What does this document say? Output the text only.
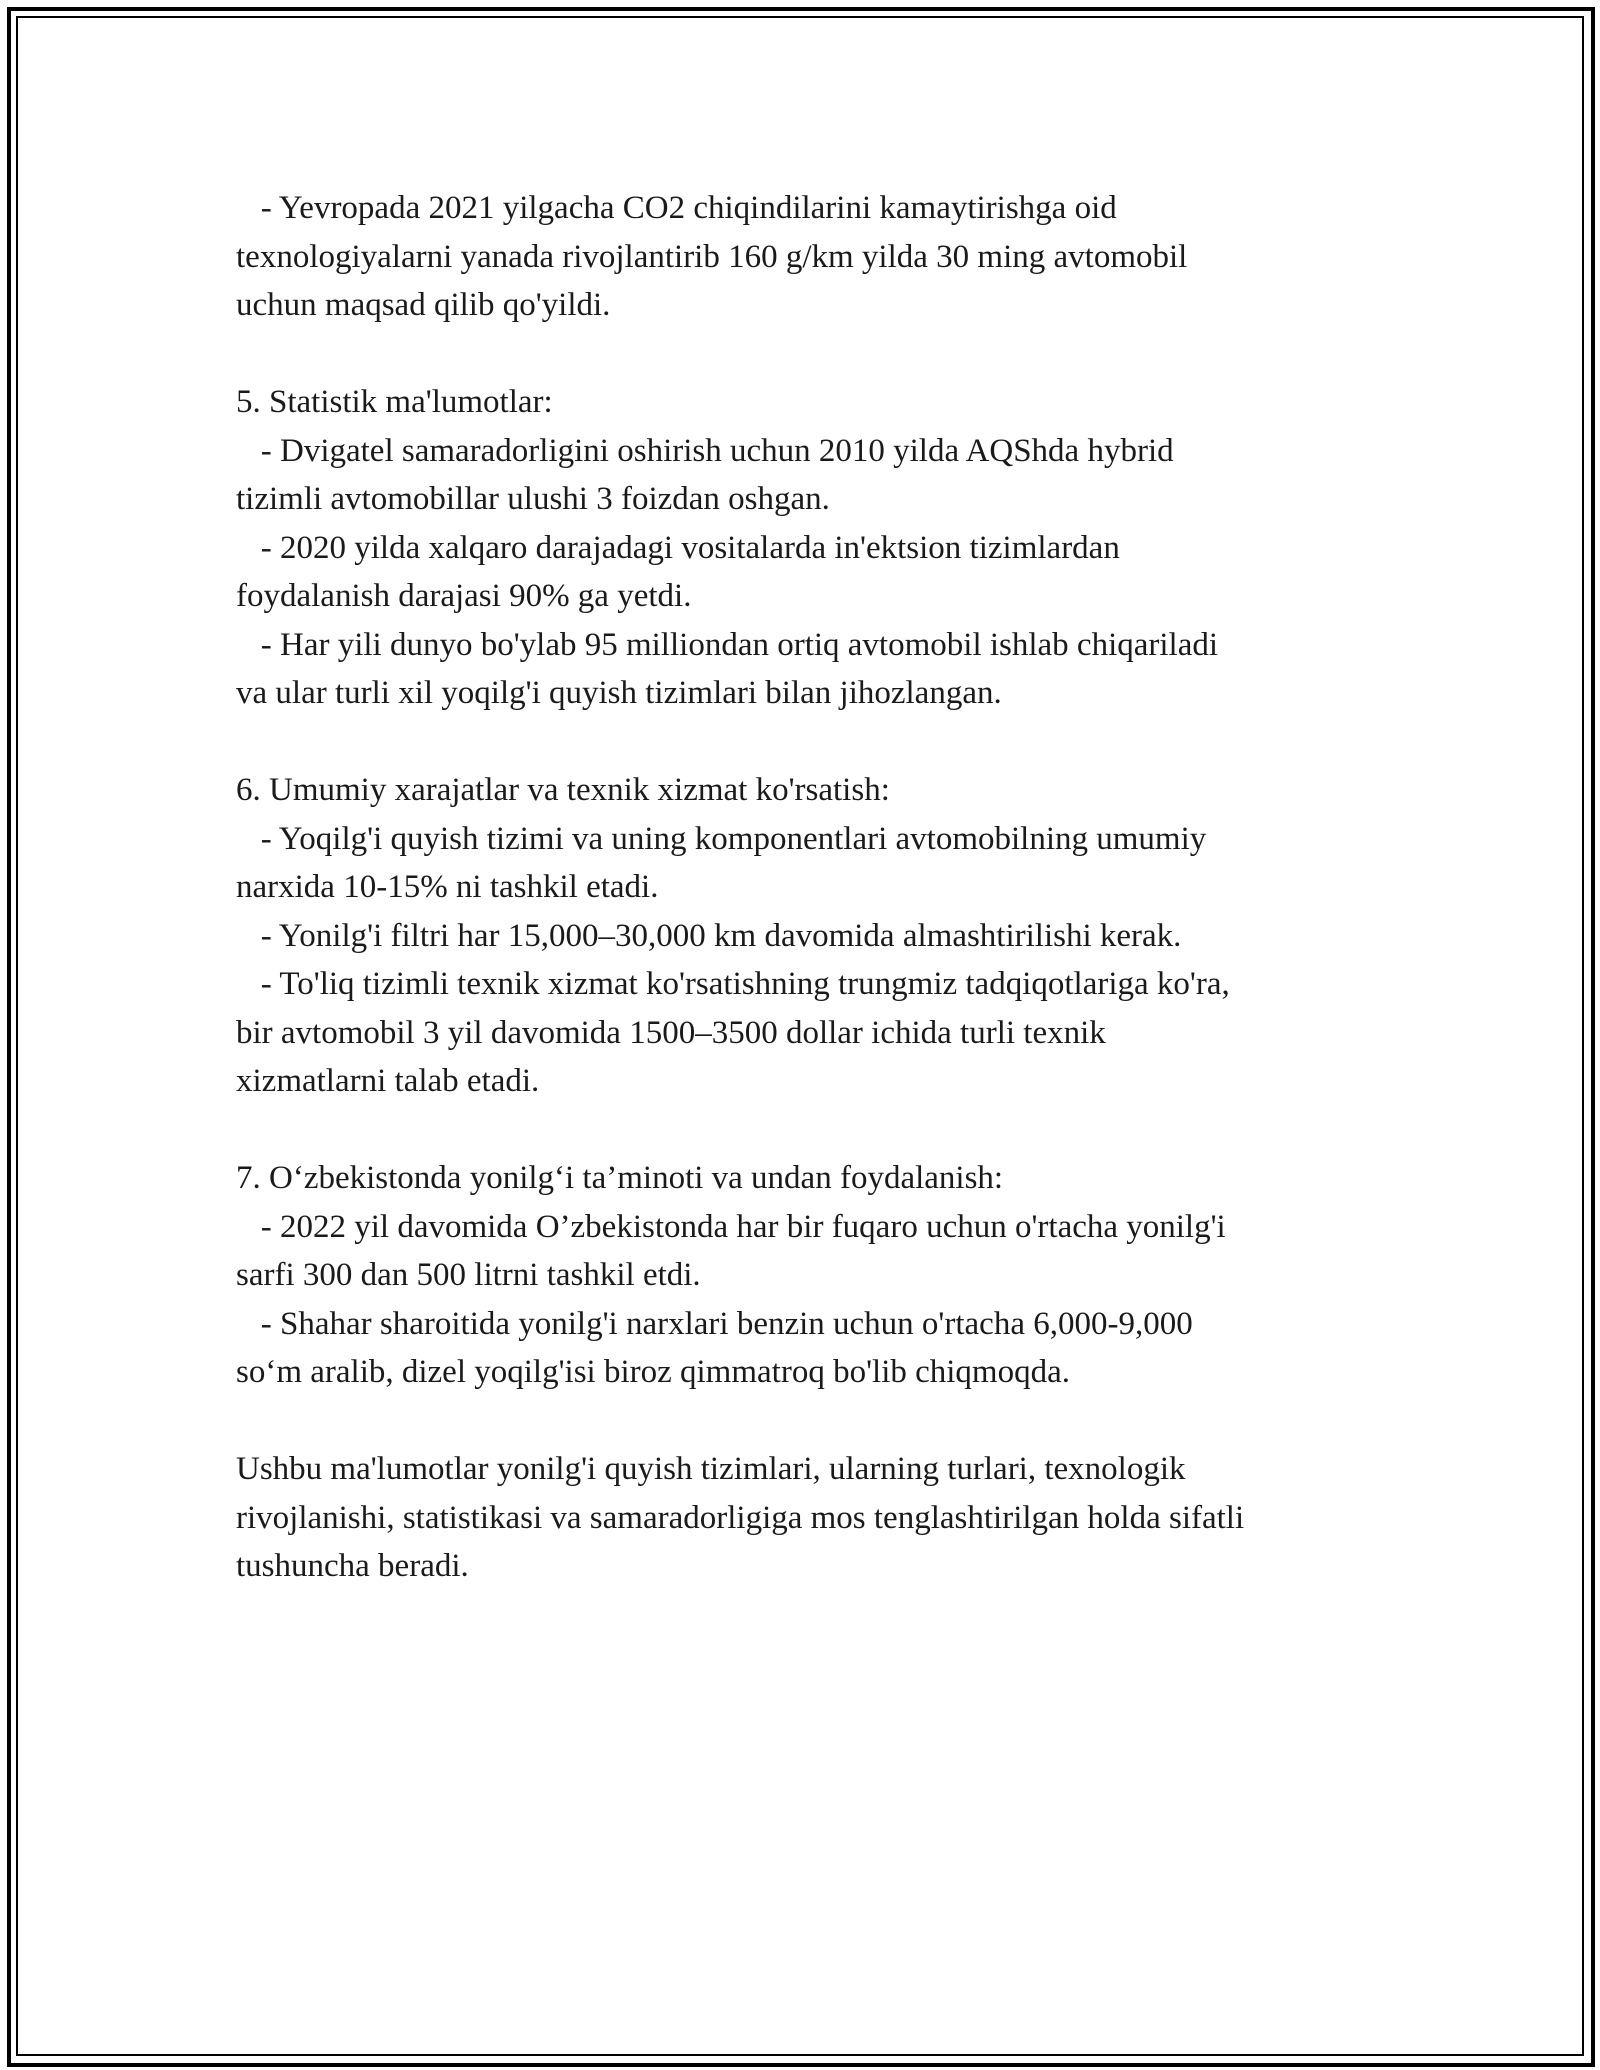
- Yevropada 2021 yilgacha CO2 chiqindilarini kamaytirishga oid
texnologiyalarni yanada rivojlantirib 160 g/km yilda 30 ming avtomobil
uchun maqsad qilib qo'yildi.
5. Statistik ma'lumotlar:
- Dvigatel samaradorligini oshirish uchun 2010 yilda AQShda hybrid
tizimli avtomobillar ulushi 3 foizdan oshgan.
- 2020 yilda xalqaro darajadagi vositalarda in'ektsion tizimlardan
foydalanish darajasi 90% ga yetdi.
- Har yili dunyo bo'ylab 95 milliondan ortiq avtomobil ishlab chiqariladi
va ular turli xil yoqilg'i quyish tizimlari bilan jihozlangan.
6. Umumiy xarajatlar va texnik xizmat ko'rsatish:
- Yoqilg'i quyish tizimi va uning komponentlari avtomobilning umumiy
narxida 10-15% ni tashkil etadi.
- Yonilg'i filtri har 15,000–30,000 km davomida almashtirilishi kerak.
- To'liq tizimli texnik xizmat ko'rsatishning trungmiz tadqiqotlariga ko'ra,
bir avtomobil 3 yil davomida 1500–3500 dollar ichida turli texnik
xizmatlarni talab etadi.
7. O‘zbekistonda yonilg‘i ta’minoti va undan foydalanish:
- 2022 yil davomida O’zbekistonda har bir fuqaro uchun o'rtacha yonilg'i
sarfi 300 dan 500 litrni tashkil etdi.
- Shahar sharoitida yonilg'i narxlari benzin uchun o'rtacha 6,000-9,000
so‘m aralib, dizel yoqilg'isi biroz qimmatroq bo'lib chiqmoqda.
Ushbu ma'lumotlar yonilg'i quyish tizimlari, ularning turlari, texnologik
rivojlanishi, statistikasi va samaradorligiga mos tenglashtirilgan holda sifatli
tushuncha beradi.
